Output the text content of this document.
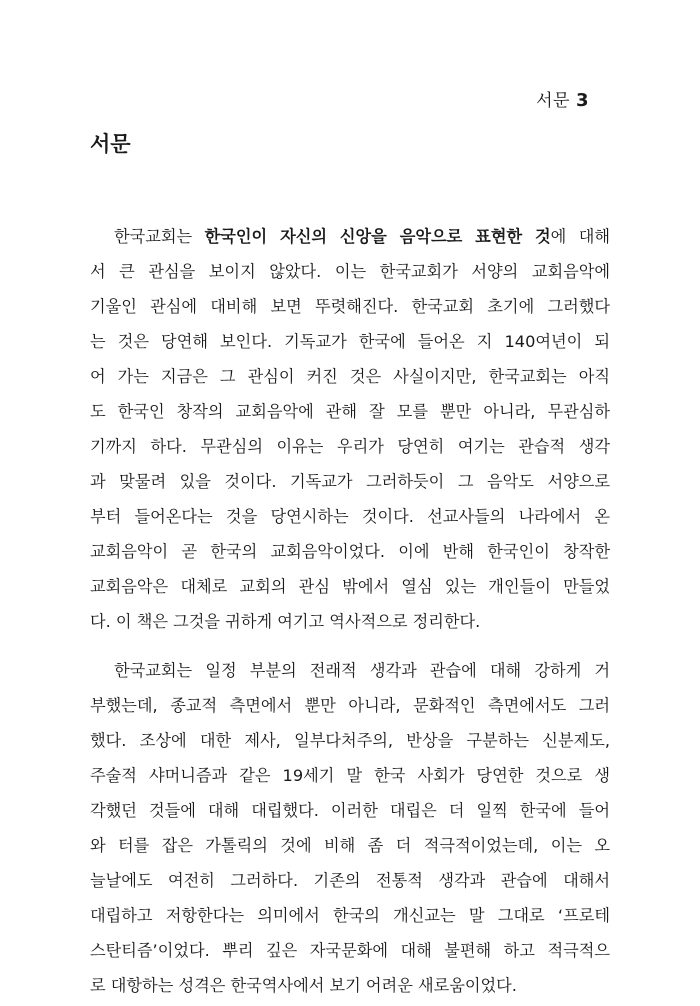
서문 3
서문
한국교회는 한국인이 자신의 신앙을 음악으로 표현한 것에 대해
서 큰 관심을 보이지 않았다. 이는 한국교회가 서양의 교회음악에
기울인 관심에 대비해 보면 뚜렷해진다. 한국교회 초기에 그러했다
는 것은 당연해 보인다. 기독교가 한국에 들어온 지 140여년이 되
어 가는 지금은 그 관심이 커진 것은 사실이지만, 한국교회는 아직
도 한국인 창작의 교회음악에 관해 잘 모를 뿐만 아니라, 무관심하
기까지 하다. 무관심의 이유는 우리가 당연히 여기는 관습적 생각
과 맞물려 있을 것이다. 기독교가 그러하듯이 그 음악도 서양으로
부터 들어온다는 것을 당연시하는 것이다. 선교사들의 나라에서 온
교회음악이 곧 한국의 교회음악이었다. 이에 반해 한국인이 창작한
교회음악은 대체로 교회의 관심 밖에서 열심 있는 개인들이 만들었
다. 이 책은 그것을 귀하게 여기고 역사적으로 정리한다.
한국교회는 일정 부분의 전래적 생각과 관습에 대해 강하게 거
부했는데, 종교적 측면에서 뿐만 아니라, 문화적인 측면에서도 그러
했다. 조상에 대한 제사, 일부다처주의, 반상을 구분하는 신분제도,
주술적 샤머니즘과 같은 19세기 말 한국 사회가 당연한 것으로 생
각했던 것들에 대해 대립했다. 이러한 대립은 더 일찍 한국에 들어
와 터를 잡은 가톨릭의 것에 비해 좀 더 적극적이었는데, 이는 오
늘날에도 여전히 그러하다. 기존의 전통적 생각과 관습에 대해서
대립하고 저항한다는 의미에서 한국의 개신교는 말 그대로 ‘프로테
스탄티즘’이었다. 뿌리 깊은 자국문화에 대해 불편해 하고 적극적으
로 대항하는 성격은 한국역사에서 보기 어려운 새로움이었다.
